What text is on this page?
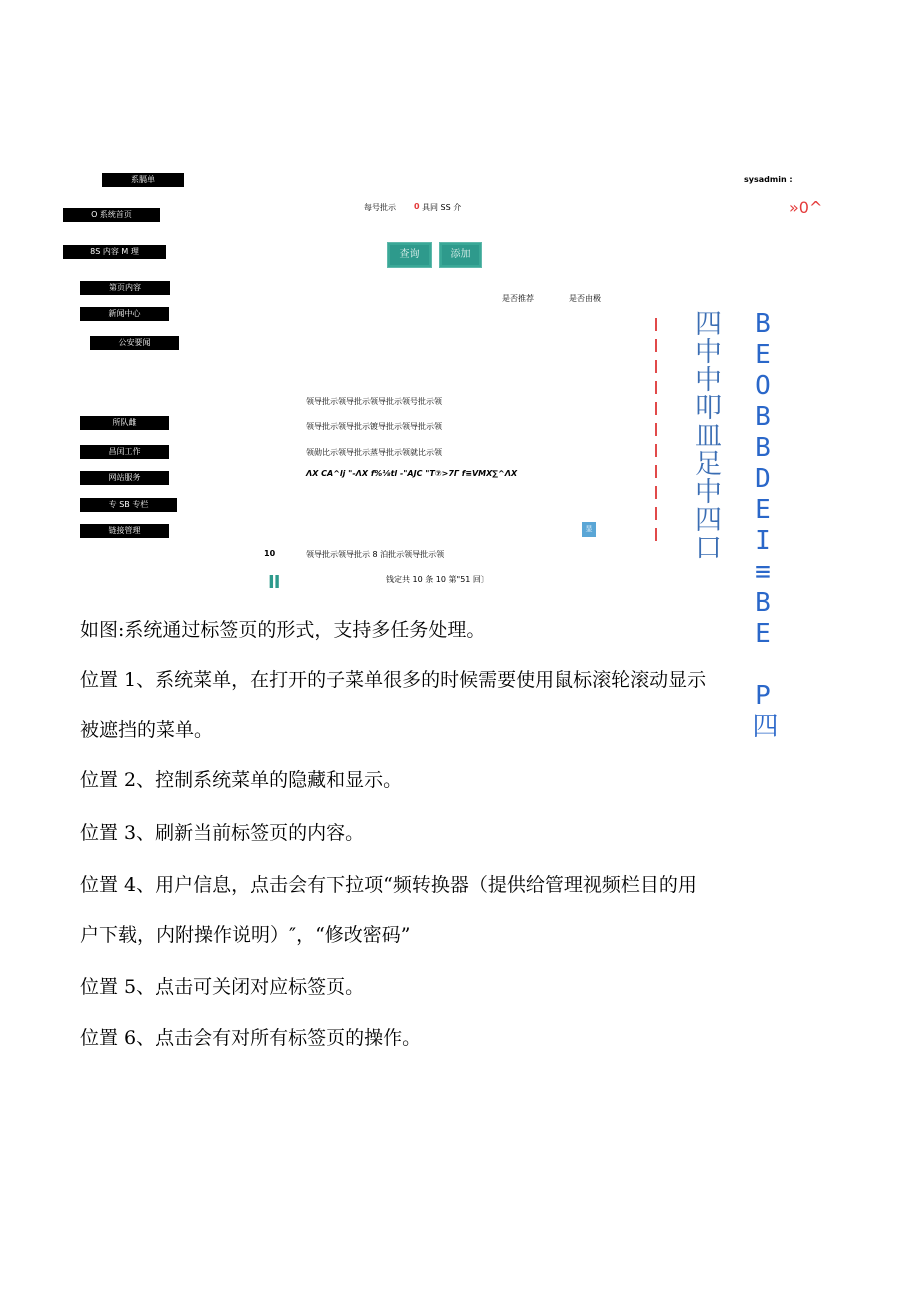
系膈单
O 系统首页
8S 内容 M 理
第页内容
新闻中心
公安要闻
所队雌
昌闰工作
网站服务
专 SB 专栏
链接管理
sysadmin :
»0^
每号批示 0 具同 SS 介
查询	添加
是否推荐	是否由极
领导批示领导批示领导批示领号批示领
领导批示领导批示镀导批示领导批示领
领勋比示领导批示蒸导批示领就比示领
ΛX CA^lj "-ΛX f%⅛tl -"AJC "T⑦>7Γ f≡VMX∑^ΛX
10	领导批示领导批示 8 泊批示领导批示领
显
II	钱定共 10 条 10 第"51 回〕
四中中叩皿足中四口 BEOBBDEI≡BE P四
如图:系统通过标签页的形式，支持多任务处理。
位置 1、系统菜单，在打开的子菜单很多的时候需要使用鼠标滚轮滚动显示
被遮挡的菜单。
位置 2、控制系统菜单的隐藏和显示。
位置 3、刷新当前标签页的内容。
位置 4、用户信息，点击会有下拉项“频转换器（提供给管理视频栏目的用
户下载，内附操作说明）″，“修改密码”
位置 5、点击可关闭对应标签页。
位置 6、点击会有对所有标签页的操作。
